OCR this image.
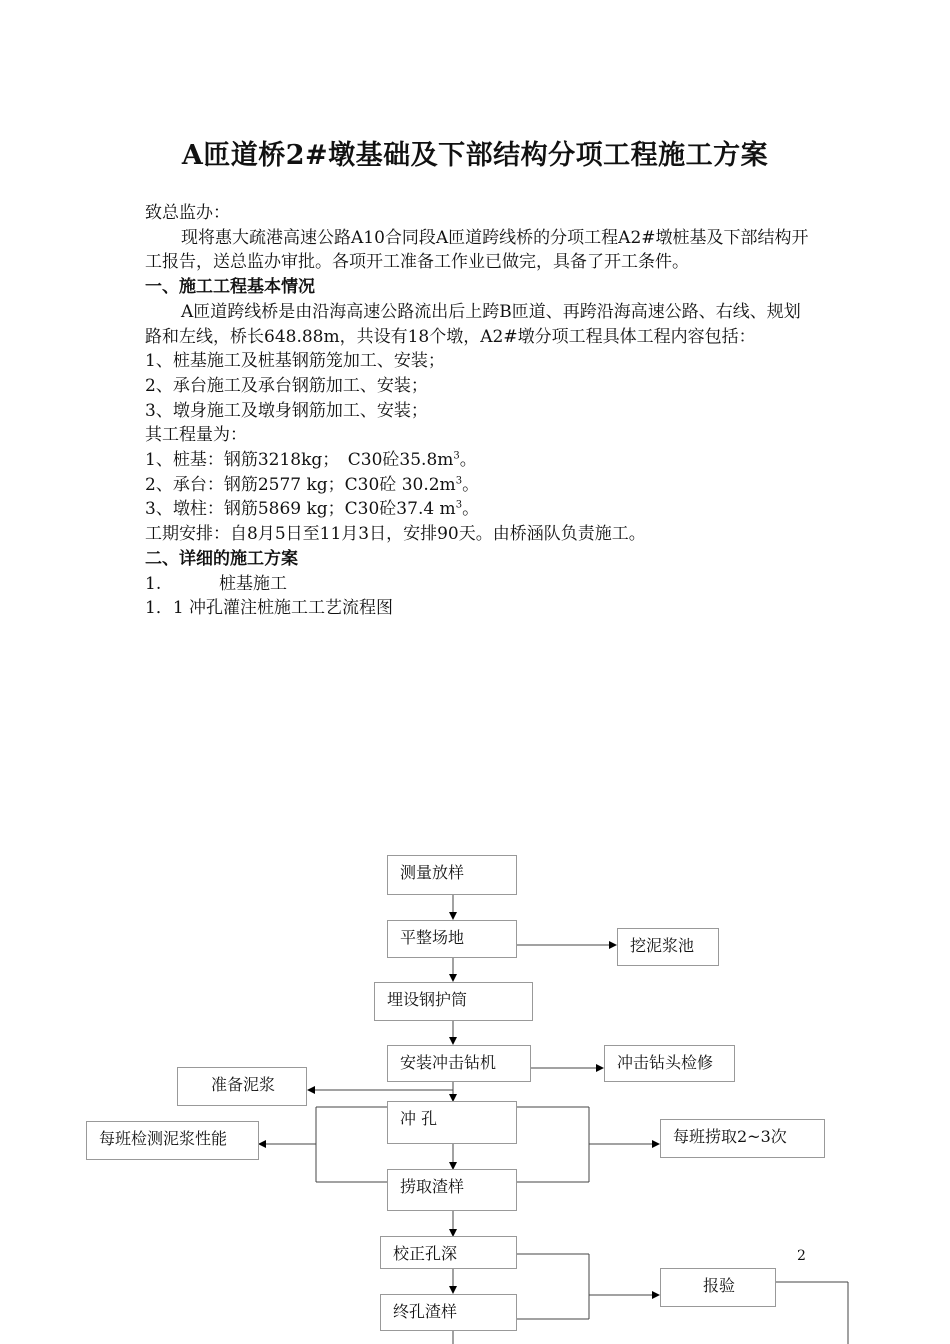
A匝道桥2#墩基础及下部结构分项工程施工方案

致总监办：

现将惠大疏港高速公路A10合同段A匝道跨线桥的分项工程A2#墩桩基及下部结构开工报告，送总监办审批。各项开工准备工作业已做完，具备了开工条件。

一、施工工程基本情况

A匝道跨线桥是由沿海高速公路流出后上跨B匝道、再跨沿海高速公路、右线、规划路和左线，桥长648.88m，共设有18个墩，A2#墩分项工程具体工程内容包括：

1、桩基施工及桩基钢筋笼加工、安装；

2、承台施工及承台钢筋加工、安装；

3、墩身施工及墩身钢筋加工、安装；

其工程量为：

1、桩基：钢筋3218kg；　C30砼$35.8m^3$。

2、承台：钢筋2577 kg；C30砼 $30.2m^3$。

3、墩柱：钢筋5869 kg；C30砼37.4 $m^3$。

工期安排：自8月5日至11月3日，安排90天。由桥涵队负责施工。

二、详细的施工方案

1.	桩基施工

1．1 冲孔灌注桩施工工艺流程图

测量放样
平整场地	挖泥浆池
埋设钢护筒
安装冲击钻机	冲击钻头检修
准备泥浆
冲 孔
每班检测泥浆性能	每班捞取2~3次
捞取渣样
校正孔深
报验
终孔渣样
2
